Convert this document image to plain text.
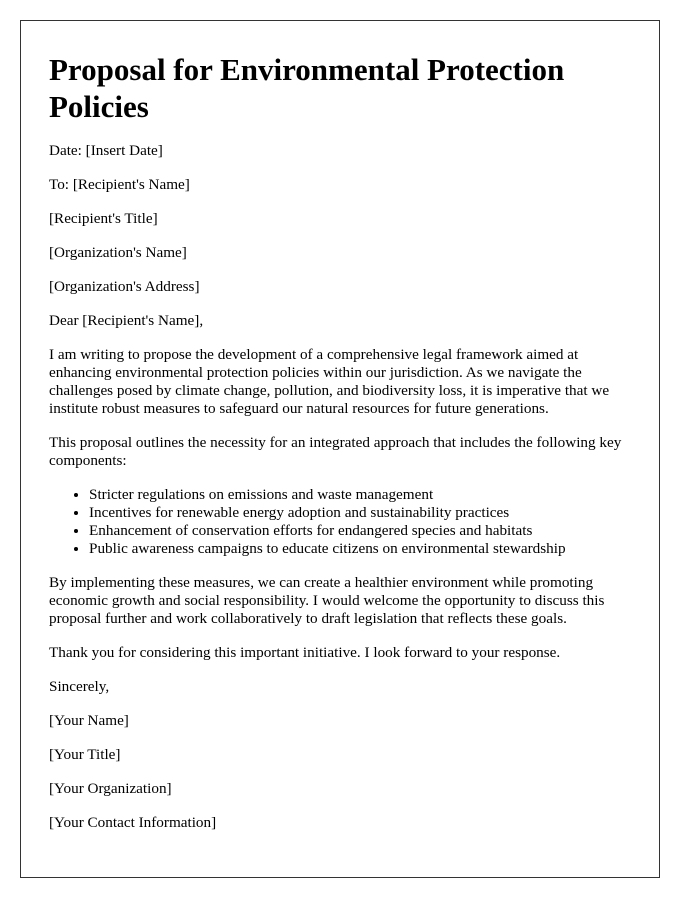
Proposal for Environmental Protection Policies

Date: [Insert Date]

To: [Recipient's Name]

[Recipient's Title]

[Organization's Name]

[Organization's Address]

Dear [Recipient's Name],

I am writing to propose the development of a comprehensive legal framework aimed at enhancing environmental protection policies within our jurisdiction. As we navigate the challenges posed by climate change, pollution, and biodiversity loss, it is imperative that we institute robust measures to safeguard our natural resources for future generations.

This proposal outlines the necessity for an integrated approach that includes the following key components:

• Stricter regulations on emissions and waste management
• Incentives for renewable energy adoption and sustainability practices
• Enhancement of conservation efforts for endangered species and habitats
• Public awareness campaigns to educate citizens on environmental stewardship

By implementing these measures, we can create a healthier environment while promoting economic growth and social responsibility. I would welcome the opportunity to discuss this proposal further and work collaboratively to draft legislation that reflects these goals.

Thank you for considering this important initiative. I look forward to your response.

Sincerely,

[Your Name]

[Your Title]

[Your Organization]

[Your Contact Information]
